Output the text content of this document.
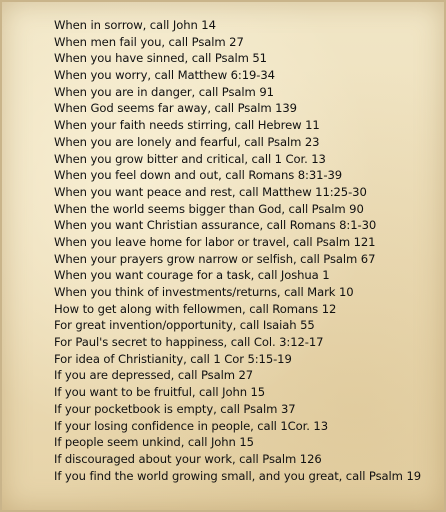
When in sorrow, call John 14
When men fail you, call Psalm 27
When you have sinned, call Psalm 51
When you worry, call Matthew 6:19-34
When you are in danger, call Psalm 91
When God seems far away, call Psalm 139
When your faith needs stirring, call Hebrew 11
When you are lonely and fearful, call Psalm 23
When you grow bitter and critical, call 1 Cor. 13
When you feel down and out, call Romans 8:31-39
When you want peace and rest, call Matthew 11:25-30
When the world seems bigger than God, call Psalm 90
When you want Christian assurance, call Romans 8:1-30
When you leave home for labor or travel, call Psalm 121
When your prayers grow narrow or selfish, call Psalm 67
When you want courage for a task, call Joshua 1
When you think of investments/returns, call Mark 10
How to get along with fellowmen, call Romans 12
For great invention/opportunity, call Isaiah 55
For Paul's secret to happiness, call Col. 3:12-17
For idea of Christianity, call 1 Cor 5:15-19
If you are depressed, call Psalm 27
If you want to be fruitful, call John 15
If your pocketbook is empty, call Psalm 37
If your losing confidence in people, call 1Cor. 13
If people seem unkind, call John 15
If discouraged about your work, call Psalm 126
If you find the world growing small, and you great, call Psalm 19
